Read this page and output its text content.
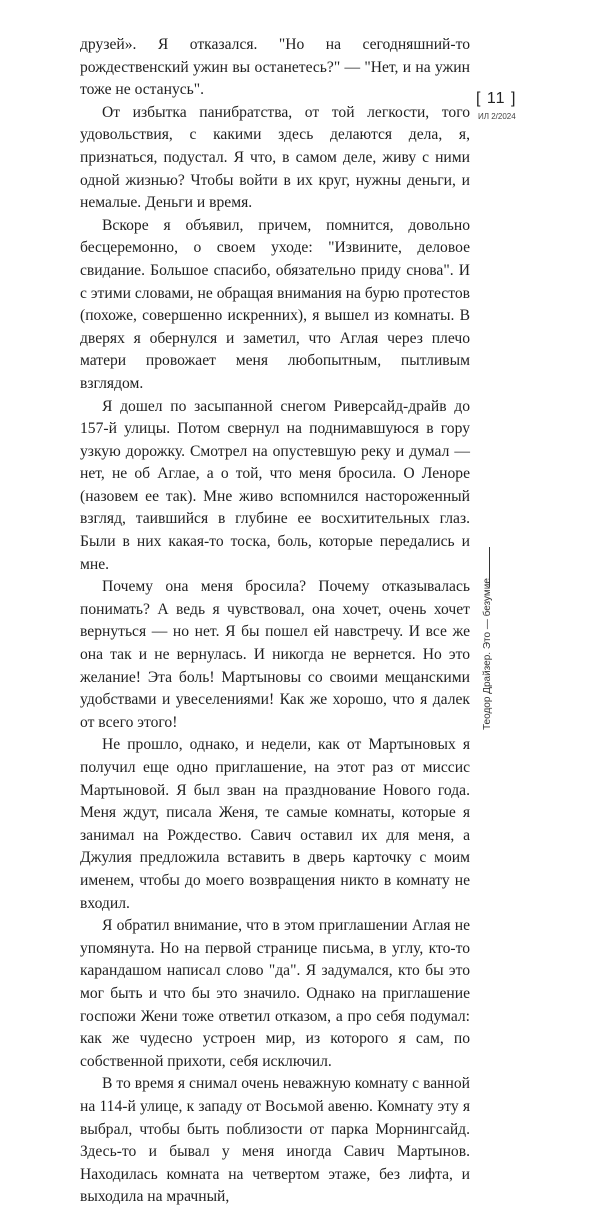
друзей». Я отказался. "Но на сегодняшний-то рождественский ужин вы останетесь?" — "Нет, и на ужин тоже не останусь".

От избытка панибратства, от той легкости, того удовольствия, с какими здесь делаются дела, я, признаться, подустал. Я что, в самом деле, живу с ними одной жизнью? Чтобы войти в их круг, нужны деньги, и немалые. Деньги и время.

Вскоре я объявил, причем, помнится, довольно бесцеремонно, о своем уходе: "Извините, деловое свидание. Большое спасибо, обязательно приду снова". И с этими словами, не обращая внимания на бурю протестов (похоже, совершенно искренних), я вышел из комнаты. В дверях я обернулся и заметил, что Аглая через плечо матери провожает меня любопытным, пытливым взглядом.

Я дошел по засыпанной снегом Риверсайд-драйв до 157-й улицы. Потом свернул на поднимавшуюся в гору узкую дорожку. Смотрел на опустевшую реку и думал — нет, не об Аглае, а о той, что меня бросила. О Леноре (назовем ее так). Мне живо вспомнился настороженный взгляд, таившийся в глубине ее восхитительных глаз. Были в них какая-то тоска, боль, которые передались и мне.

Почему она меня бросила? Почему отказывалась понимать? А ведь я чувствовал, она хочет, очень хочет вернуться — но нет. Я бы пошел ей навстречу. И все же она так и не вернулась. И никогда не вернется. Но это желание! Эта боль! Мартыновы со своими мещанскими удобствами и увеселениями! Как же хорошо, что я далек от всего этого!

Не прошло, однако, и недели, как от Мартыновых я получил еще одно приглашение, на этот раз от миссис Мартыновой. Я был зван на празднование Нового года. Меня ждут, писала Женя, те самые комнаты, которые я занимал на Рождество. Савич оставил их для меня, а Джулия предложила вставить в дверь карточку с моим именем, чтобы до моего возвращения никто в комнату не входил.

Я обратил внимание, что в этом приглашении Аглая не упомянута. Но на первой странице письма, в углу, кто-то карандашом написал слово "да". Я задумался, кто бы это мог быть и что бы это значило. Однако на приглашение госпожи Жени тоже ответил отказом, а про себя подумал: как же чудесно устроен мир, из которого я сам, по собственной прихоти, себя исключил.

В то время я снимал очень неважную комнату с ванной на 114-й улице, к западу от Восьмой авеню. Комнату эту я выбрал, чтобы быть поблизости от парка Морнингсайд. Здесь-то и бывал у меня иногда Савич Мартынов. Находилась комната на четвертом этаже, без лифта, и выходила на мрачный,

[ 11 ]
ИЛ 2/2024
Теодор Драйзер. Это — безумие
